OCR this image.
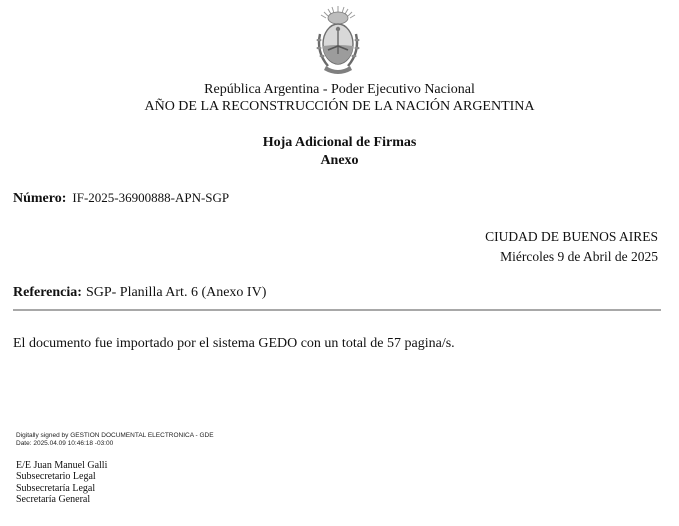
República Argentina - Poder Ejecutivo Nacional
AÑO DE LA RECONSTRUCCIÓN DE LA NACIÓN ARGENTINA
Hoja Adicional de Firmas
Anexo
Número: IF-2025-36900888-APN-SGP
CIUDAD DE BUENOS AIRES
Miércoles 9 de Abril de 2025
Referencia: SGP- Planilla Art. 6 (Anexo IV)
El documento fue importado por el sistema GEDO con un total de 57 pagina/s.
Digitally signed by GESTION DOCUMENTAL ELECTRONICA - GDE
Date: 2025.04.09 10:46:18 -03:00
E/E Juan Manuel Galli
Subsecretario Legal
Subsecretaría Legal
Secretaría General
